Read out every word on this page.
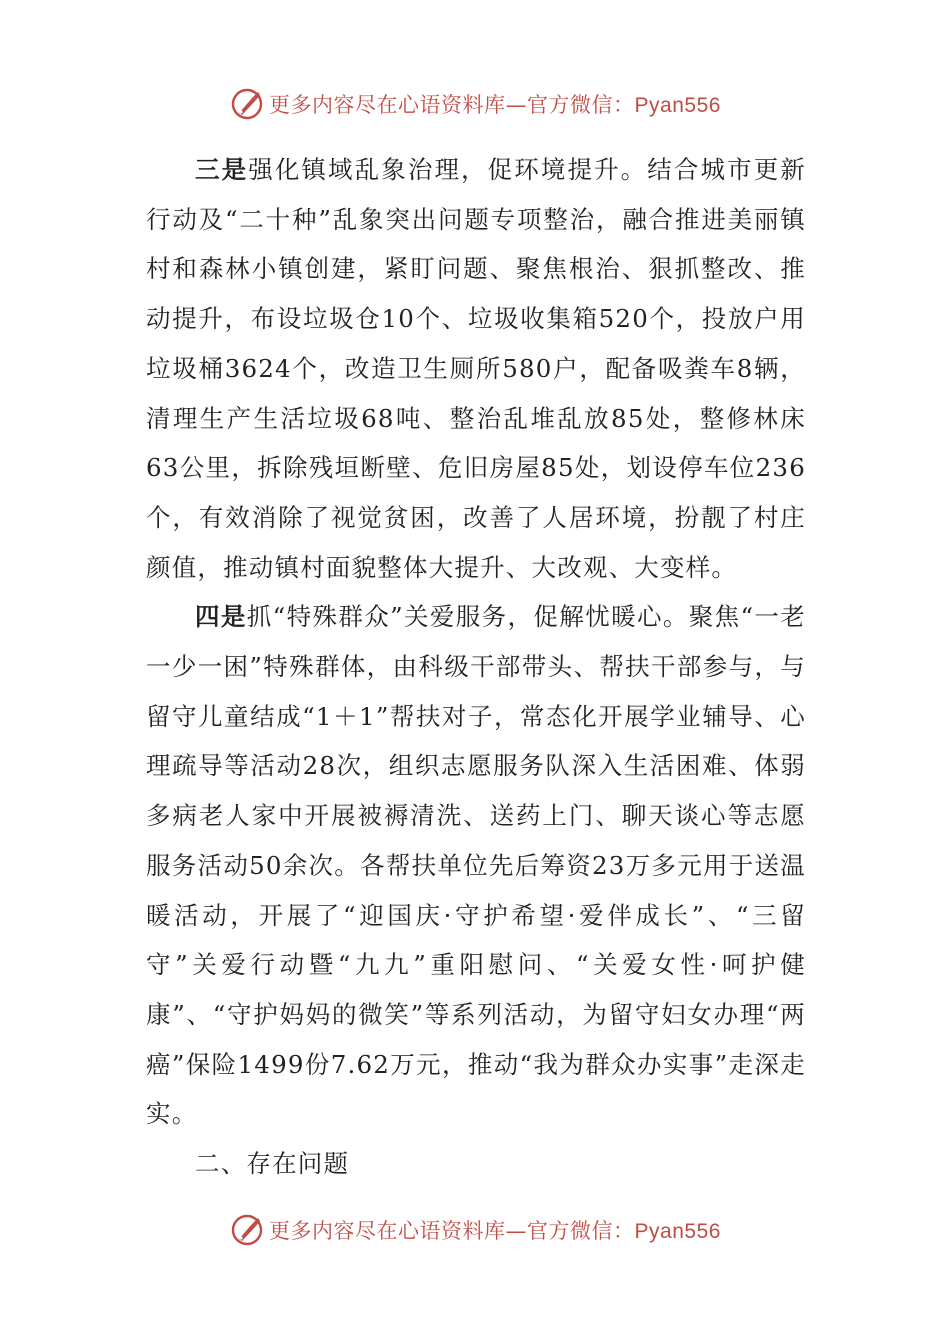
更多内容尽在心语资料库—官方微信：Pyan556

三是强化镇域乱象治理，促环境提升。结合城市更新行动及“二十种”乱象突出问题专项整治，融合推进美丽镇村和森林小镇创建，紧盯问题、聚焦根治、狠抓整改、推动提升，布设垃圾仓10个、垃圾收集箱520个，投放户用垃圾桶3624个，改造卫生厕所580户，配备吸粪车8辆，清理生产生活垃圾68吨、整治乱堆乱放85处，整修林床63公里，拆除残垣断壁、危旧房屋85处，划设停车位236个，有效消除了视觉贫困，改善了人居环境，扮靓了村庄颜值，推动镇村面貌整体大提升、大改观、大变样。

四是抓“特殊群众”关爱服务，促解忧暖心。聚焦“一老一少一困”特殊群体，由科级干部带头、帮扶干部参与，与留守儿童结成“1＋1”帮扶对子，常态化开展学业辅导、心理疏导等活动28次，组织志愿服务队深入生活困难、体弱多病老人家中开展被褥清洗、送药上门、聊天谈心等志愿服务活动50余次。各帮扶单位先后筹资23万多元用于送温暖活动，开展了“迎国庆·守护希望·爱伴成长”、“三留守”关爱行动暨“九九”重阳慰问、“关爱女性·呵护健康”、“守护妈妈的微笑”等系列活动，为留守妇女办理“两癌”保险1499份7.62万元，推动“我为群众办实事”走深走实。

二、存在问题

更多内容尽在心语资料库—官方微信：Pyan556
